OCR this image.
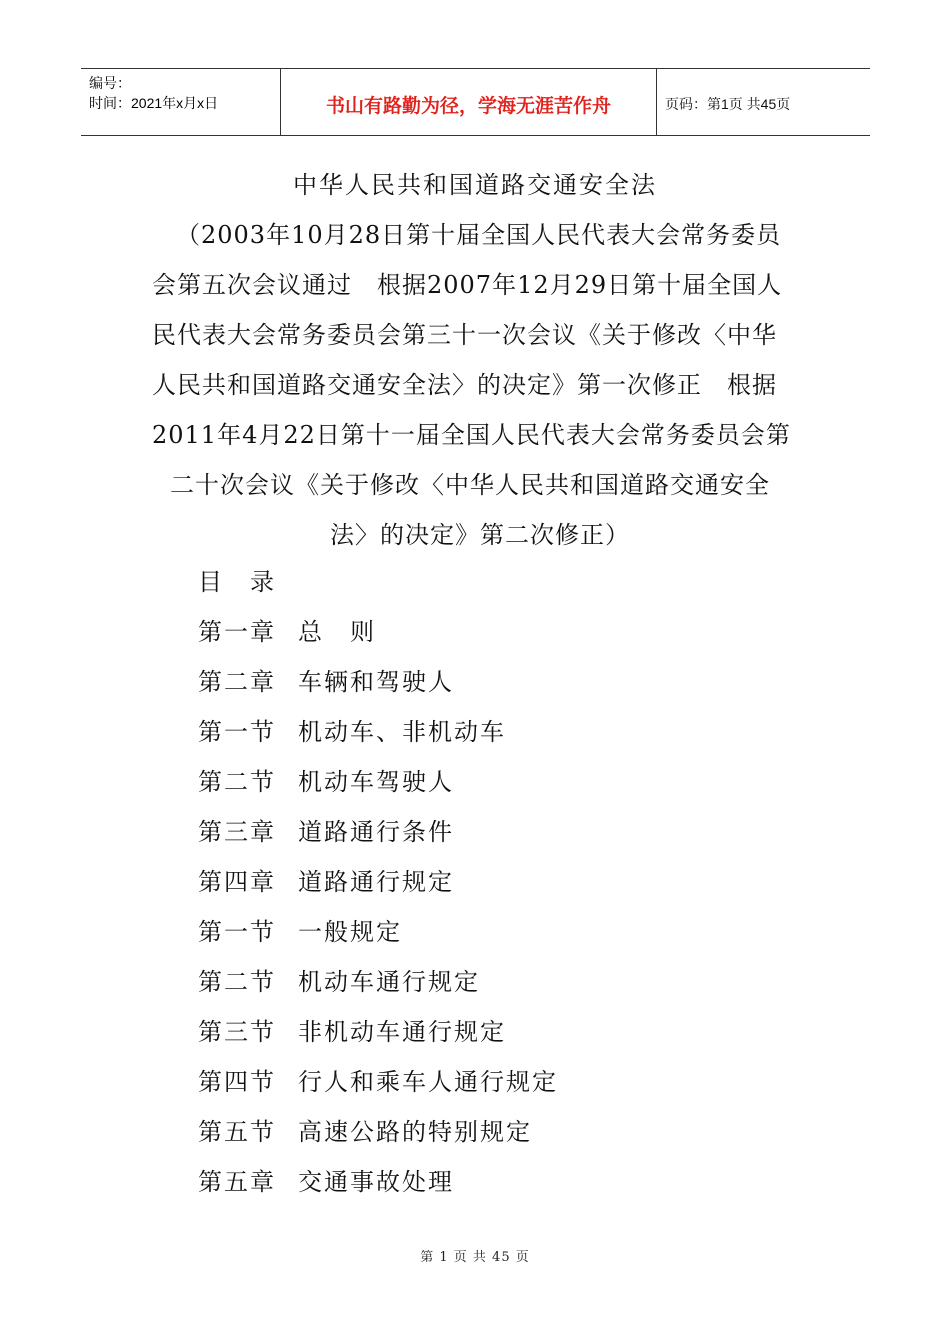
编号：
时间：2021年x月x日	书山有路勤为径，学海无涯苦作舟	页码：第1页 共45页
中华人民共和国道路交通安全法
（2003年10月28日第十届全国人民代表大会常务委员
会第五次会议通过　根据2007年12月29日第十届全国人
民代表大会常务委员会第三十一次会议《关于修改〈中华
人民共和国道路交通安全法〉的决定》第一次修正　根据
2011年4月22日第十一届全国人民代表大会常务委员会第
二十次会议《关于修改〈中华人民共和国道路交通安全
法〉的决定》第二次修正）
目　录
第一章 总　则
第二章 车辆和驾驶人
第一节 机动车、非机动车
第二节 机动车驾驶人
第三章 道路通行条件
第四章 道路通行规定
第一节 一般规定
第二节 机动车通行规定
第三节 非机动车通行规定
第四节 行人和乘车人通行规定
第五节 高速公路的特别规定
第五章 交通事故处理
第 1 页 共 45 页
